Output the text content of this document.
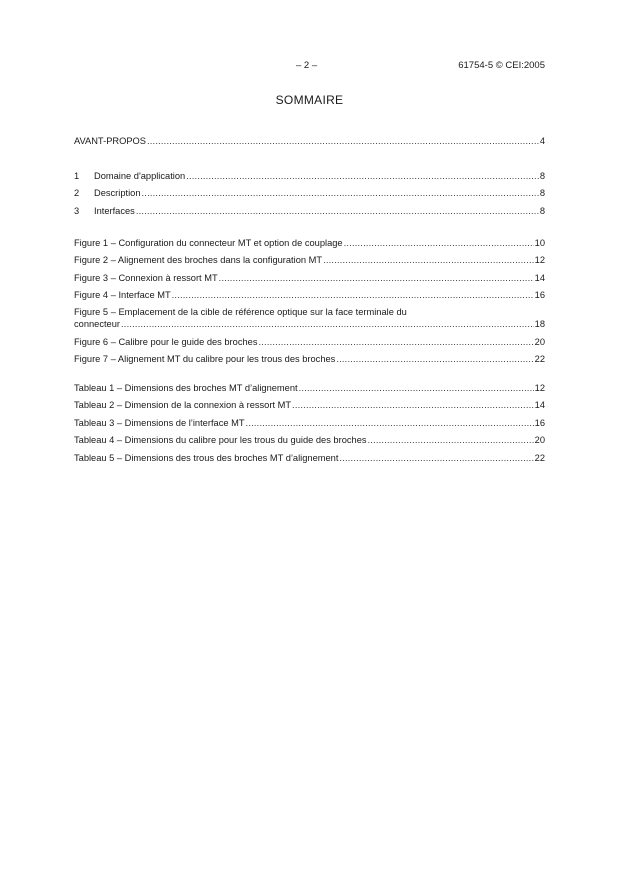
– 2 –	61754-5 © CEI:2005
SOMMAIRE
AVANT-PROPOS .....	4
1	Domaine d'application .....	8
2	Description .....	8
3	Interfaces .....	8
Figure 1 – Configuration du connecteur MT et option de couplage .....	10
Figure 2 – Alignement des broches dans la configuration MT .....	12
Figure 3 – Connexion à ressort MT .....	14
Figure 4 – Interface MT .....	16
Figure 5 – Emplacement de la cible de référence optique sur la face terminale du
connecteur .....	18
Figure 6 – Calibre pour le guide des broches .....	20
Figure 7 – Alignement MT du calibre pour les trous des broches .....	22
Tableau 1 – Dimensions des broches MT d’alignement .....	12
Tableau 2 – Dimension de la connexion à ressort MT .....	14
Tableau 3 – Dimensions de l’interface MT .....	16
Tableau 4 – Dimensions du calibre pour les trous du guide des broches .....	20
Tableau 5 – Dimensions des trous des broches MT d’alignement .....	22
